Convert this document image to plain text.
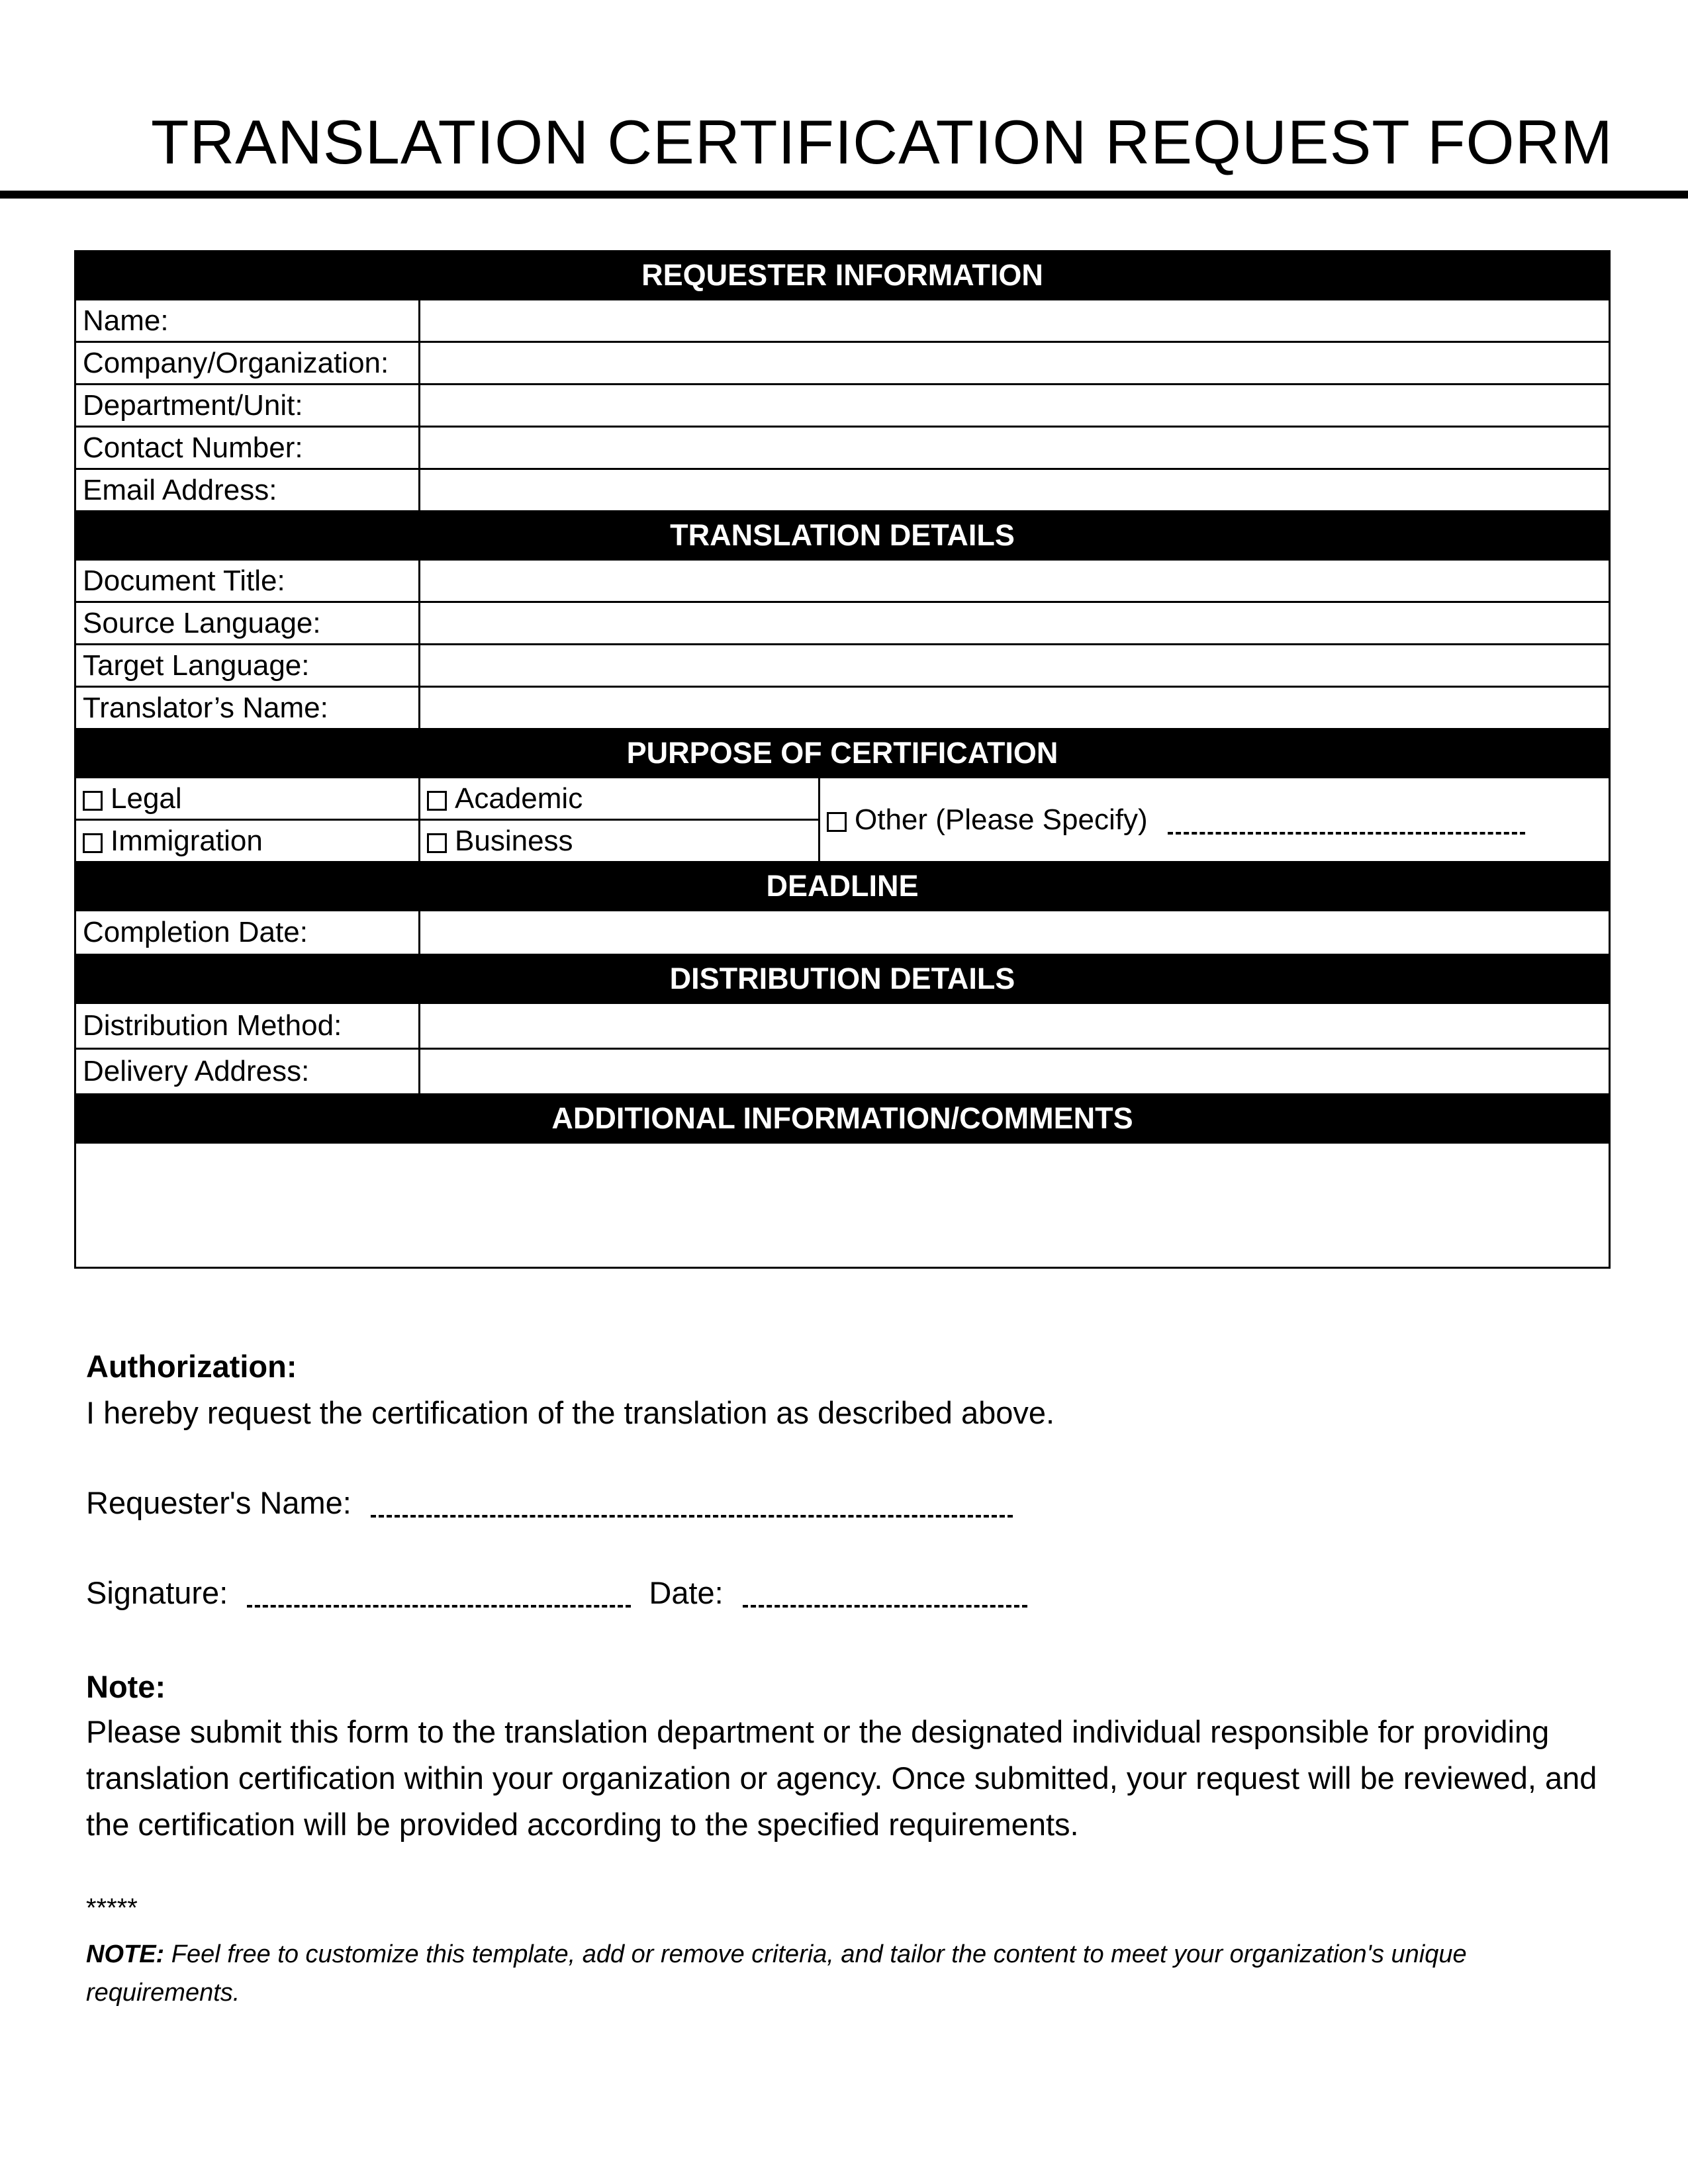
TRANSLATION CERTIFICATION REQUEST FORM
REQUESTER INFORMATION		
Name:		
Company/Organization:		
Department/Unit:		
Contact Number:		
Email Address:		
TRANSLATION DETAILS		
Document Title:		
Source Language:		
Target Language:		
Translator’s Name:		
PURPOSE OF CERTIFICATION		
Legal	Academic	Other (Please Specify)
Immigration	Business	
DEADLINE		
Completion Date:		
DISTRIBUTION DETAILS		
Distribution Method:		
Delivery Address:		
ADDITIONAL INFORMATION/COMMENTS		

Authorization:
I hereby request the certification of the translation as described above.
Requester's Name:
Signature:	Date:
Note:
Please submit this form to the translation department or the designated individual responsible for providing translation certification within your organization or agency. Once submitted, your request will be reviewed, and the certification will be provided according to the specified requirements.
*****
NOTE: Feel free to customize this template, add or remove criteria, and tailor the content to meet your organization's unique requirements.
